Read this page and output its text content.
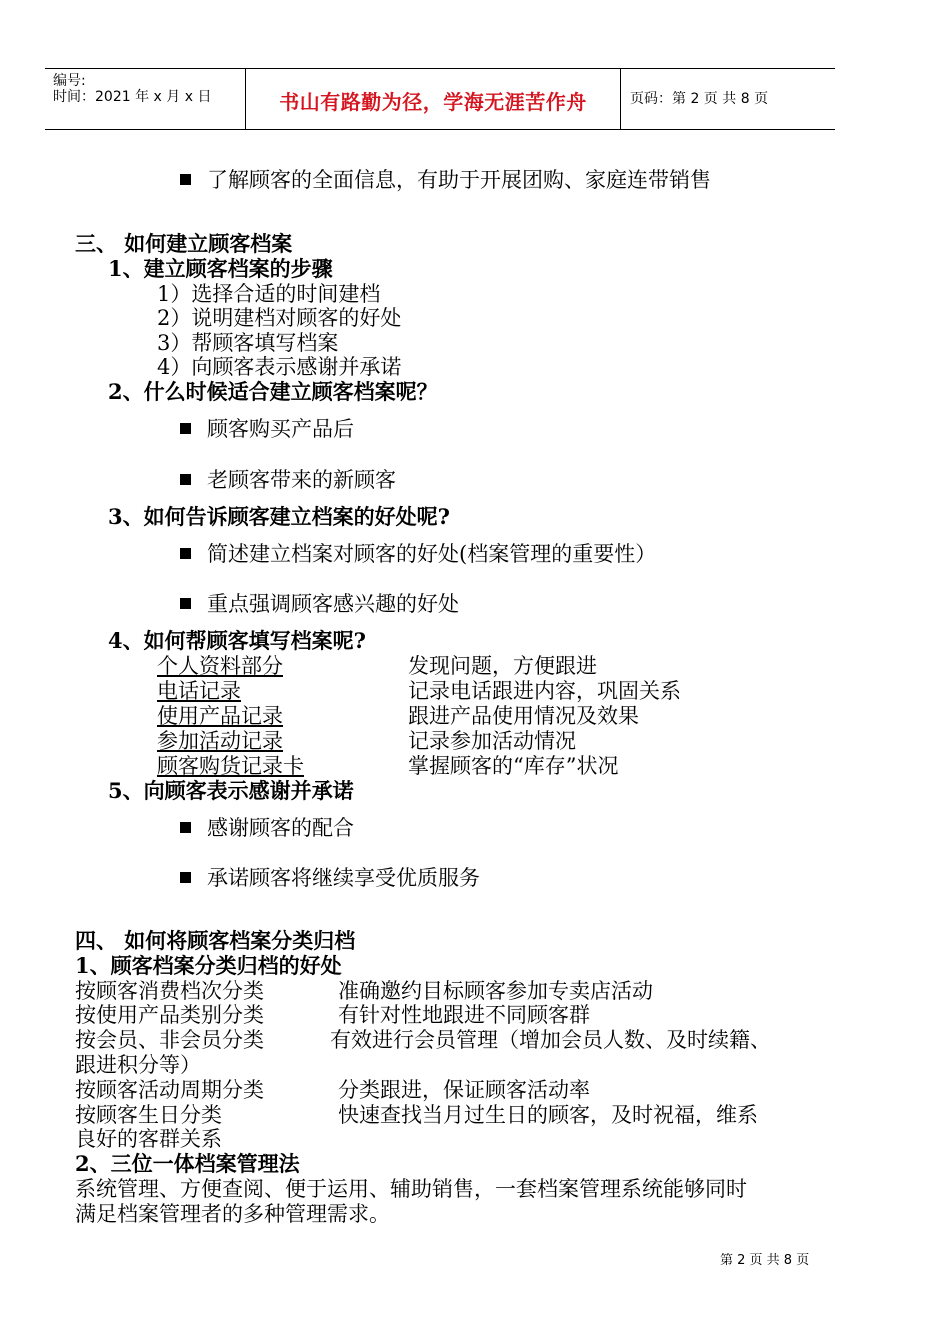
编号:
时间：2021 年 x 月 x 日	书山有路勤为径，学海无涯苦作舟	页码：第 2 页 共 8 页
了解顾客的全面信息，有助于开展团购、家庭连带销售
三、 如何建立顾客档案
1、建立顾客档案的步骤
1）选择合适的时间建档
2）说明建档对顾客的好处
3）帮顾客填写档案
4）向顾客表示感谢并承诺
2、什么时候适合建立顾客档案呢？
顾客购买产品后
老顾客带来的新顾客
3、如何告诉顾客建立档案的好处呢?
简述建立档案对顾客的好处(档案管理的重要性）
重点强调顾客感兴趣的好处
4、如何帮顾客填写档案呢?
个人资料部分	发现问题，方便跟进
电话记录	记录电话跟进内容，巩固关系
使用产品记录	跟进产品使用情况及效果
参加活动记录	记录参加活动情况
顾客购货记录卡	掌握顾客的“库存”状况
5、向顾客表示感谢并承诺
感谢顾客的配合
承诺顾客将继续享受优质服务
四、 如何将顾客档案分类归档
1、顾客档案分类归档的好处
按顾客消费档次分类	准确邀约目标顾客参加专卖店活动
按使用产品类别分类	有针对性地跟进不同顾客群
按会员、非会员分类	有效进行会员管理（增加会员人数、及时续籍、
跟进积分等）
按顾客活动周期分类	分类跟进，保证顾客活动率
按顾客生日分类	快速查找当月过生日的顾客，及时祝福，维系
良好的客群关系
2、三位一体档案管理法
系统管理、方便查阅、便于运用、辅助销售，一套档案管理系统能够同时
满足档案管理者的多种管理需求。
第 2 页 共 8 页
